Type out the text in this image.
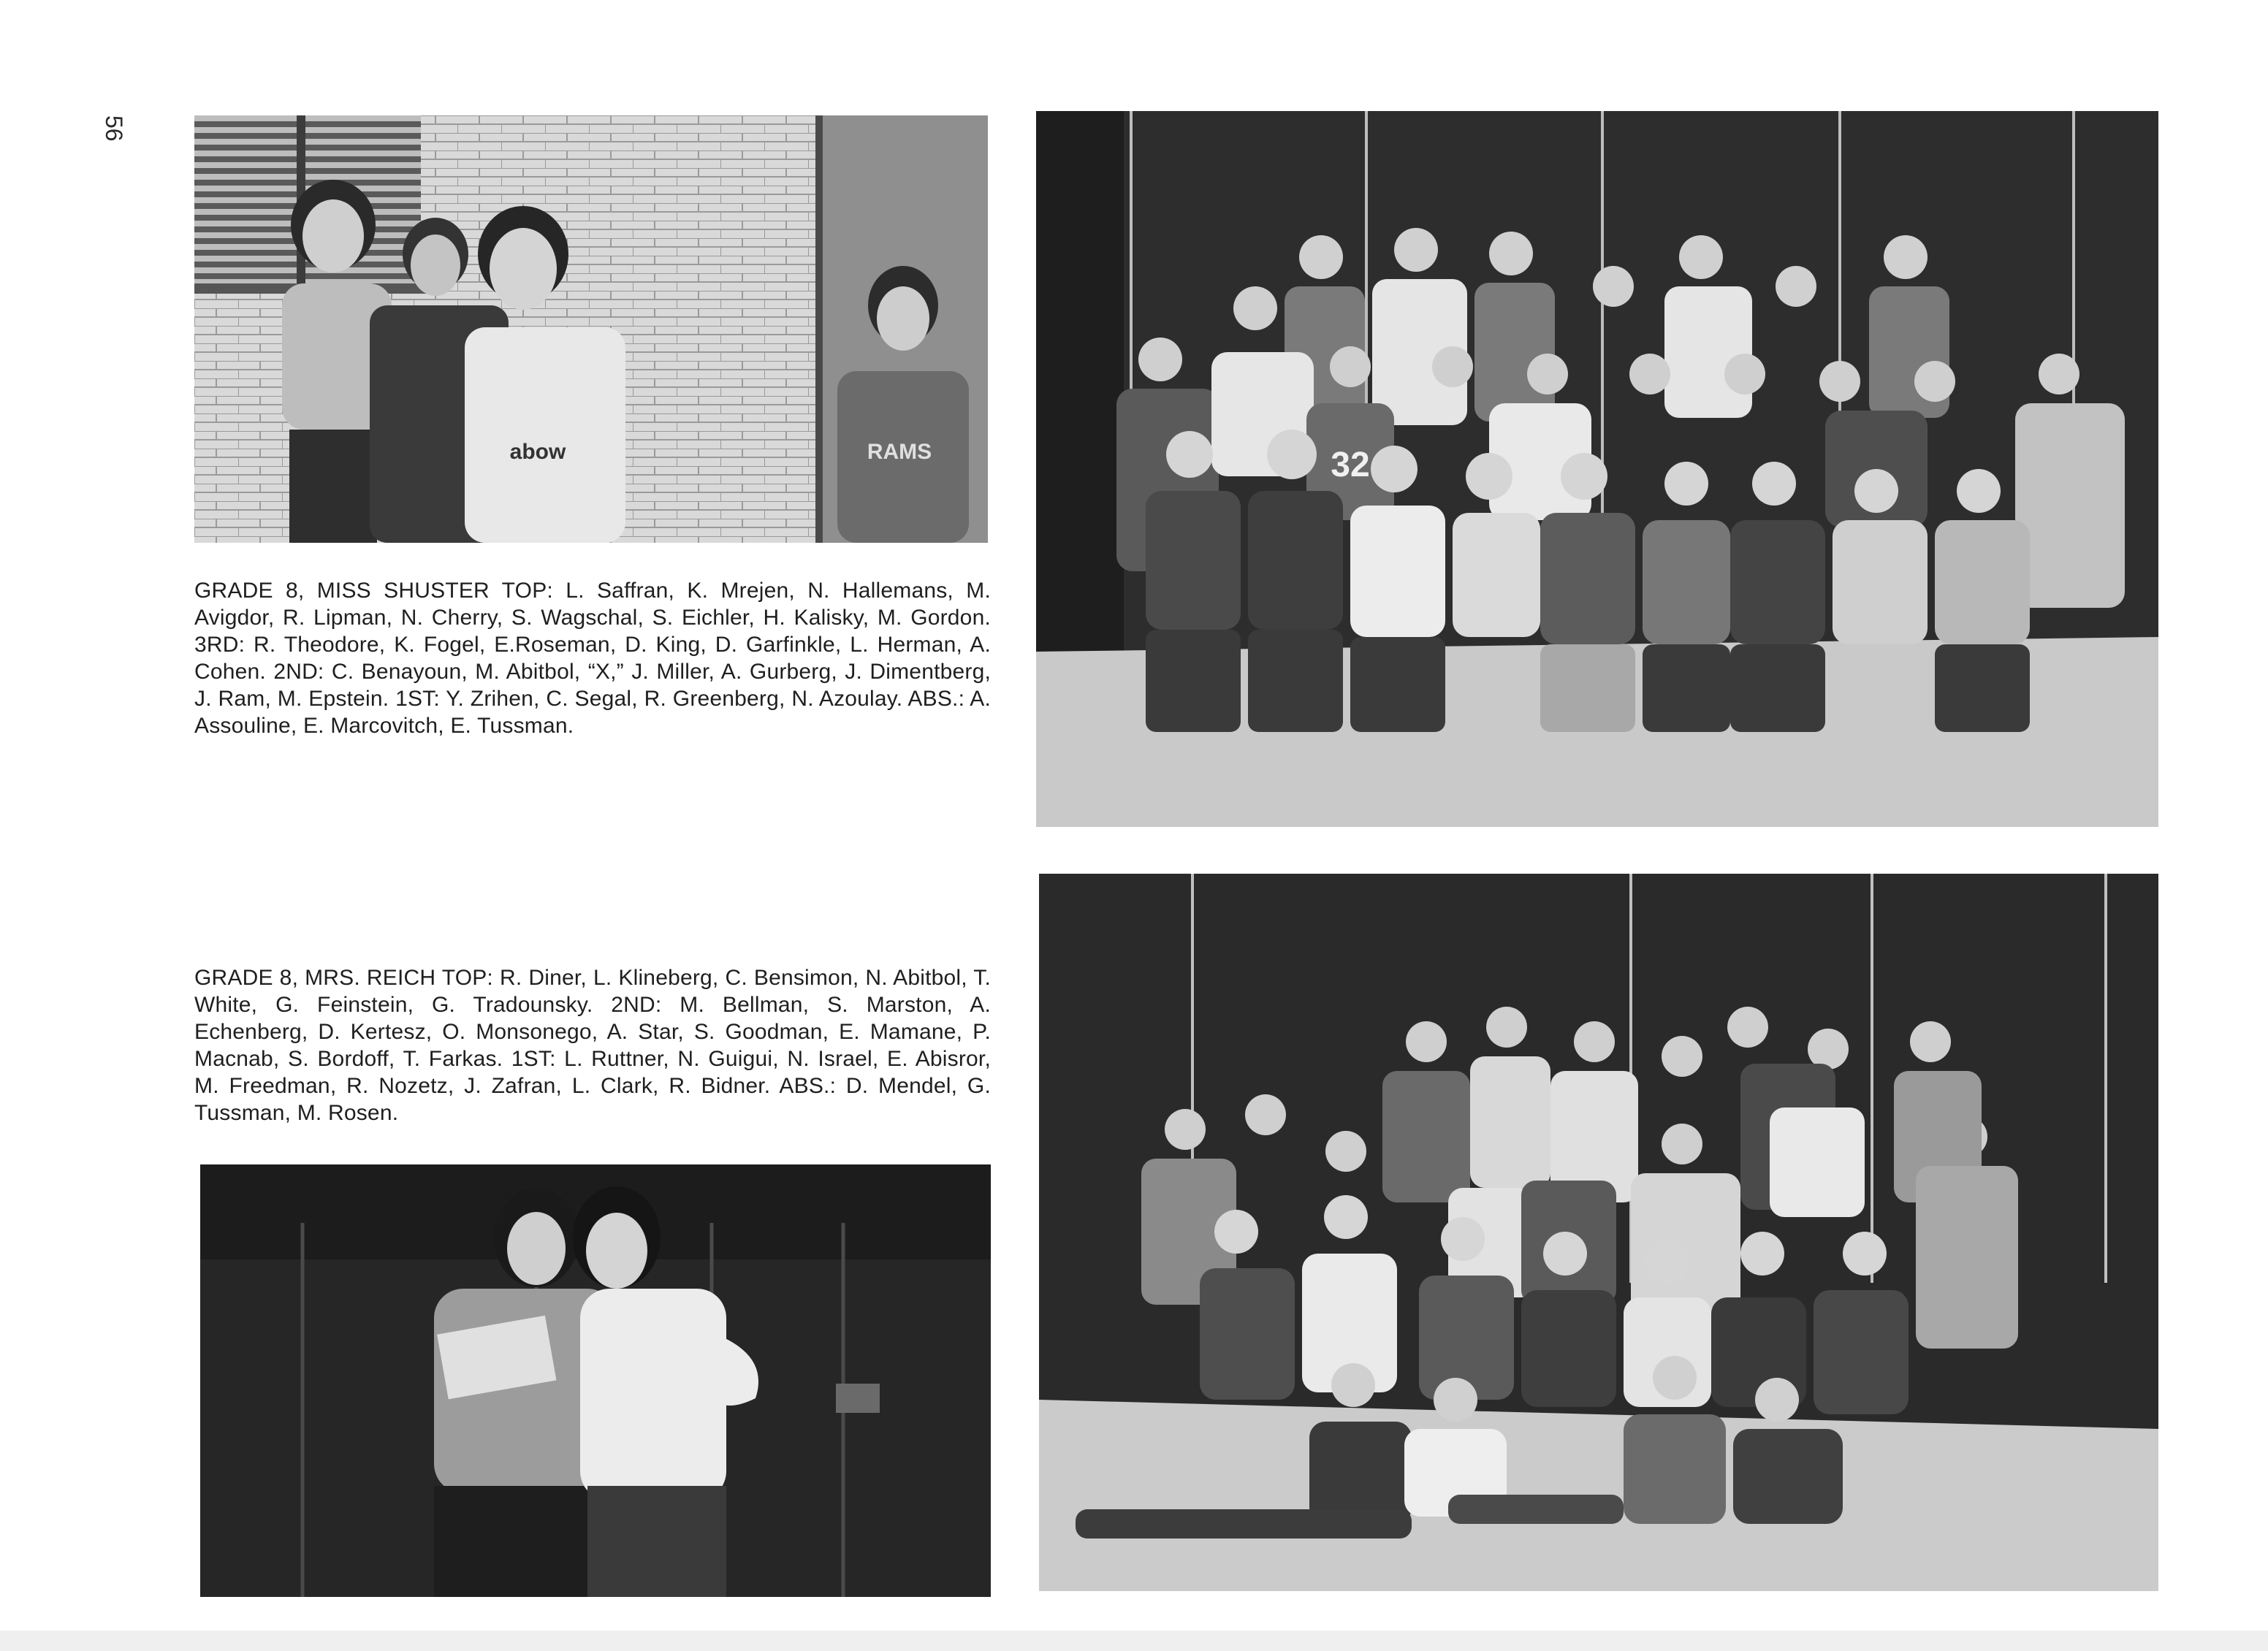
56
abow	RAMS	32
GRADE 8, MISS SHUSTER TOP: L. Saffran, K. Mrejen, N. Hallemans, M. Avigdor, R. Lipman, N. Cherry, S. Wagschal, S. Eichler, H. Kalisky, M. Gordon. 3RD: R. Theodore, K. Fogel, E.Roseman, D. King, D. Garfinkle, L. Herman, A. Cohen. 2ND: C. Benayoun, M. Abitbol, “X,” J. Miller, A. Gurberg, J. Dimentberg, J. Ram, M. Epstein. 1ST: Y. Zrihen, C. Segal, R. Greenberg, N. Azoulay. ABS.: A. Assouline, E. Marcovitch, E. Tussman.
GRADE 8, MRS. REICH TOP: R. Diner, L. Klineberg, C. Bensimon, N. Abitbol, T. White, G. Feinstein, G. Tradounsky. 2ND: M. Bellman, S. Marston, A. Echenberg, D. Kertesz, O. Monsonego, A. Star, S. Goodman, E. Mamane, P. Macnab, S. Bordoff, T. Farkas. 1ST: L. Ruttner, N. Guigui, N. Israel, E. Abisror, M. Freedman, R. Nozetz, J. Zafran, L. Clark, R. Bidner. ABS.: D. Mendel, G. Tussman, M. Rosen.
